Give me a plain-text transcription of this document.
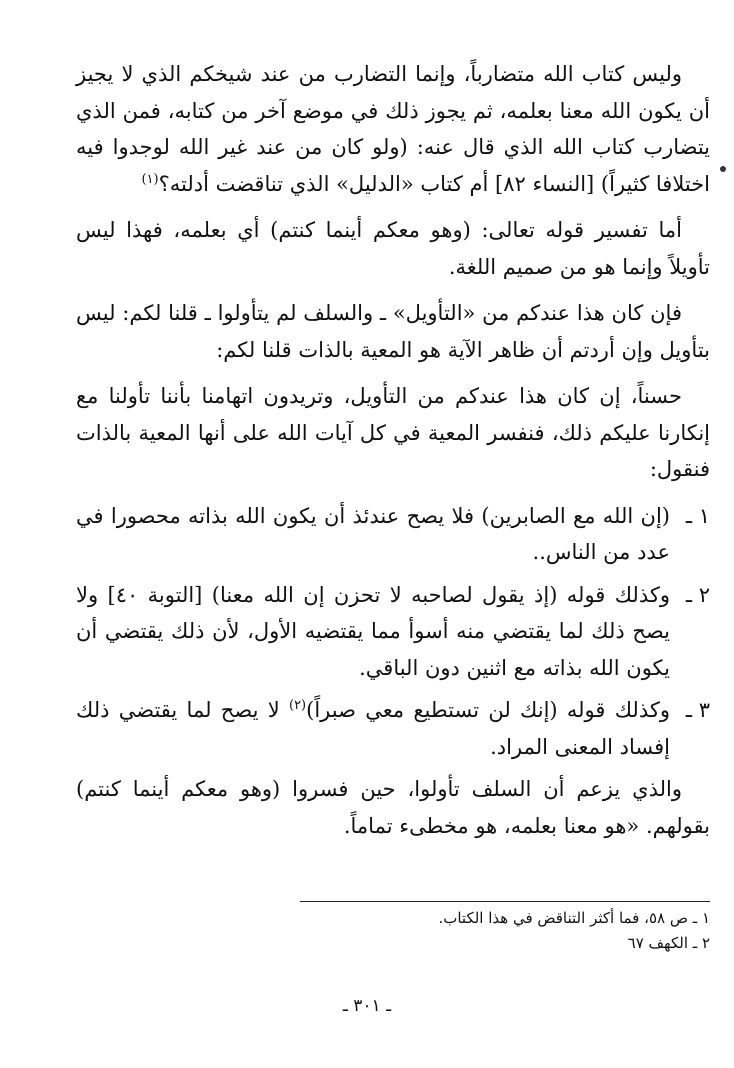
وليس كتاب الله متضارباً، وإنما التضارب من عند شيخكم الذي لا يجيز أن يكون الله معنا بعلمه، ثم يجوز ذلك في موضع آخر من كتابه، فمن الذي يتضارب كتاب الله الذي قال عنه: (ولو كان من عند غير الله لوجدوا فيه اختلافا كثيراً) [النساء ٨٢] أم كتاب «الدليل» الذي تناقضت أدلته؟$^{(١)}$

أما تفسير قوله تعالى: (وهو معكم أينما كنتم) أي بعلمه، فهذا ليس تأويلاً وإنما هو من صميم اللغة.

فإن كان هذا عندكم من «التأويل» ـ والسلف لم يتأولوا ـ قلنا لكم: ليس بتأويل وإن أردتم أن ظاهر الآية هو المعية بالذات قلنا لكم:

حسناً، إن كان هذا عندكم من التأويل، وتريدون اتهامنا بأننا تأولنا مع إنكارنا عليكم ذلك، فنفسر المعية في كل آيات الله على أنها المعية بالذات فنقول:

١ ـ

(إن الله مع الصابرين) فلا يصح عندئذ أن يكون الله بذاته محصورا في عدد من الناس..

٢ ـ

وكذلك قوله (إذ يقول لصاحبه لا تحزن إن الله معنا) [التوبة ٤٠] ولا يصح ذلك لما يقتضي منه أسوأ مما يقتضيه الأول، لأن ذلك يقتضي أن يكون الله بذاته مع اثنين دون الباقي.

٣ ـ

وكذلك قوله (إنك لن تستطيع معي صبراً)$^{(٢)}$ لا يصح لما يقتضي ذلك إفساد المعنى المراد.

والذي يزعم أن السلف تأولوا، حين فسروا (وهو معكم أينما كنتم) بقولهم. «هو معنا بعلمه، هو مخطىء تماماً.

١ ـ ص ٥٨، فما أكثر التناقض في هذا الكتاب.

٢ ـ الكهف ٦٧

ـ ٣٠١ ـ
